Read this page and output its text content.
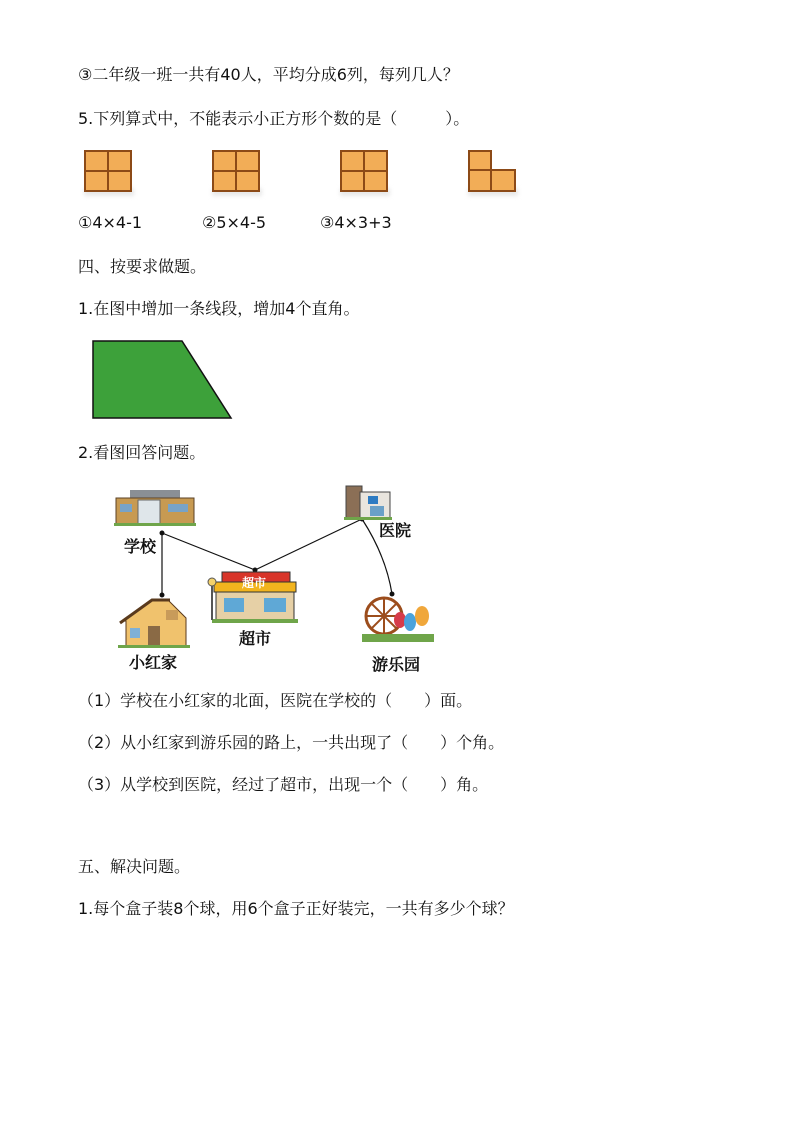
③二年级一班一共有40人，平均分成6列，每列几人？
5.下列算式中，不能表示小正方形个数的是（　　　）。
①4×4-1	②5×4-5	③4×3+3
四、按要求做题。
1.在图中增加一条线段，增加4个直角。
2.看图回答问题。
学校
医院
超市
超市
小红家	游乐园
（1）学校在小红家的北面，医院在学校的（　　）面。
（2）从小红家到游乐园的路上，一共出现了（　　）个角。
（3）从学校到医院，经过了超市，出现一个（　　）角。
五、解决问题。
1.每个盒子装8个球，用6个盒子正好装完，一共有多少个球？
